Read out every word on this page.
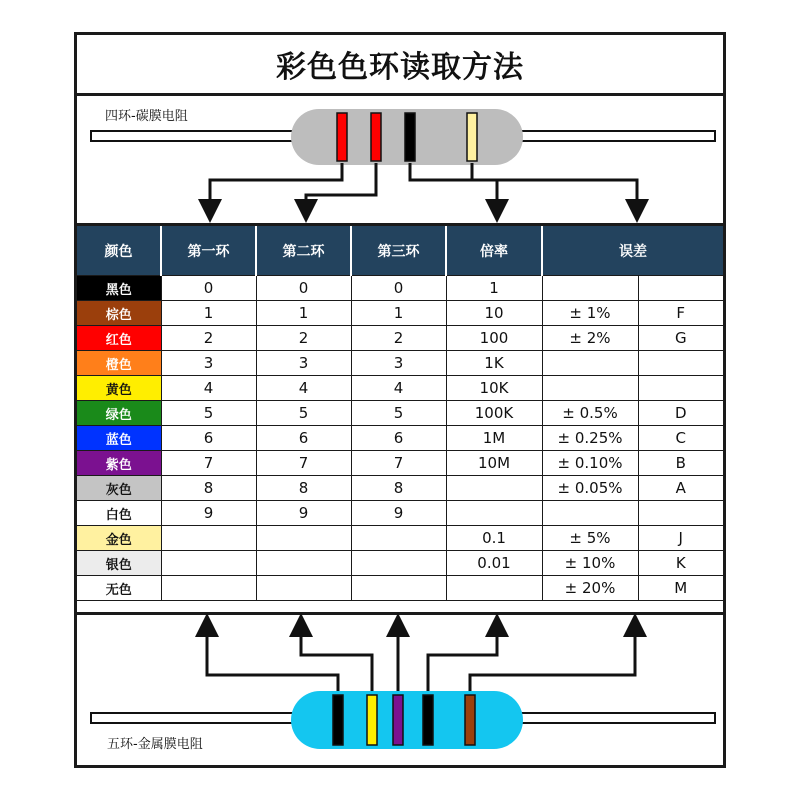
彩色色环读取方法
四环-碳膜电阻
颜色	第一环	第二环	第三环	倍率	误差	
黑色	0	0	0	1		
棕色	1	1	1	10	± 1%	F
红色	2	2	2	100	± 2%	G
橙色	3	3	3	1K		
黄色	4	4	4	10K		
绿色	5	5	5	100K	± 0.5%	D
蓝色	6	6	6	1M	± 0.25%	C
紫色	7	7	7	10M	± 0.10%	B
灰色	8	8	8		± 0.05%	A
白色	9	9	9			
金色				0.1	± 5%	J
银色				0.01	± 10%	K
无色					± 20%	M
五环-金属膜电阻
